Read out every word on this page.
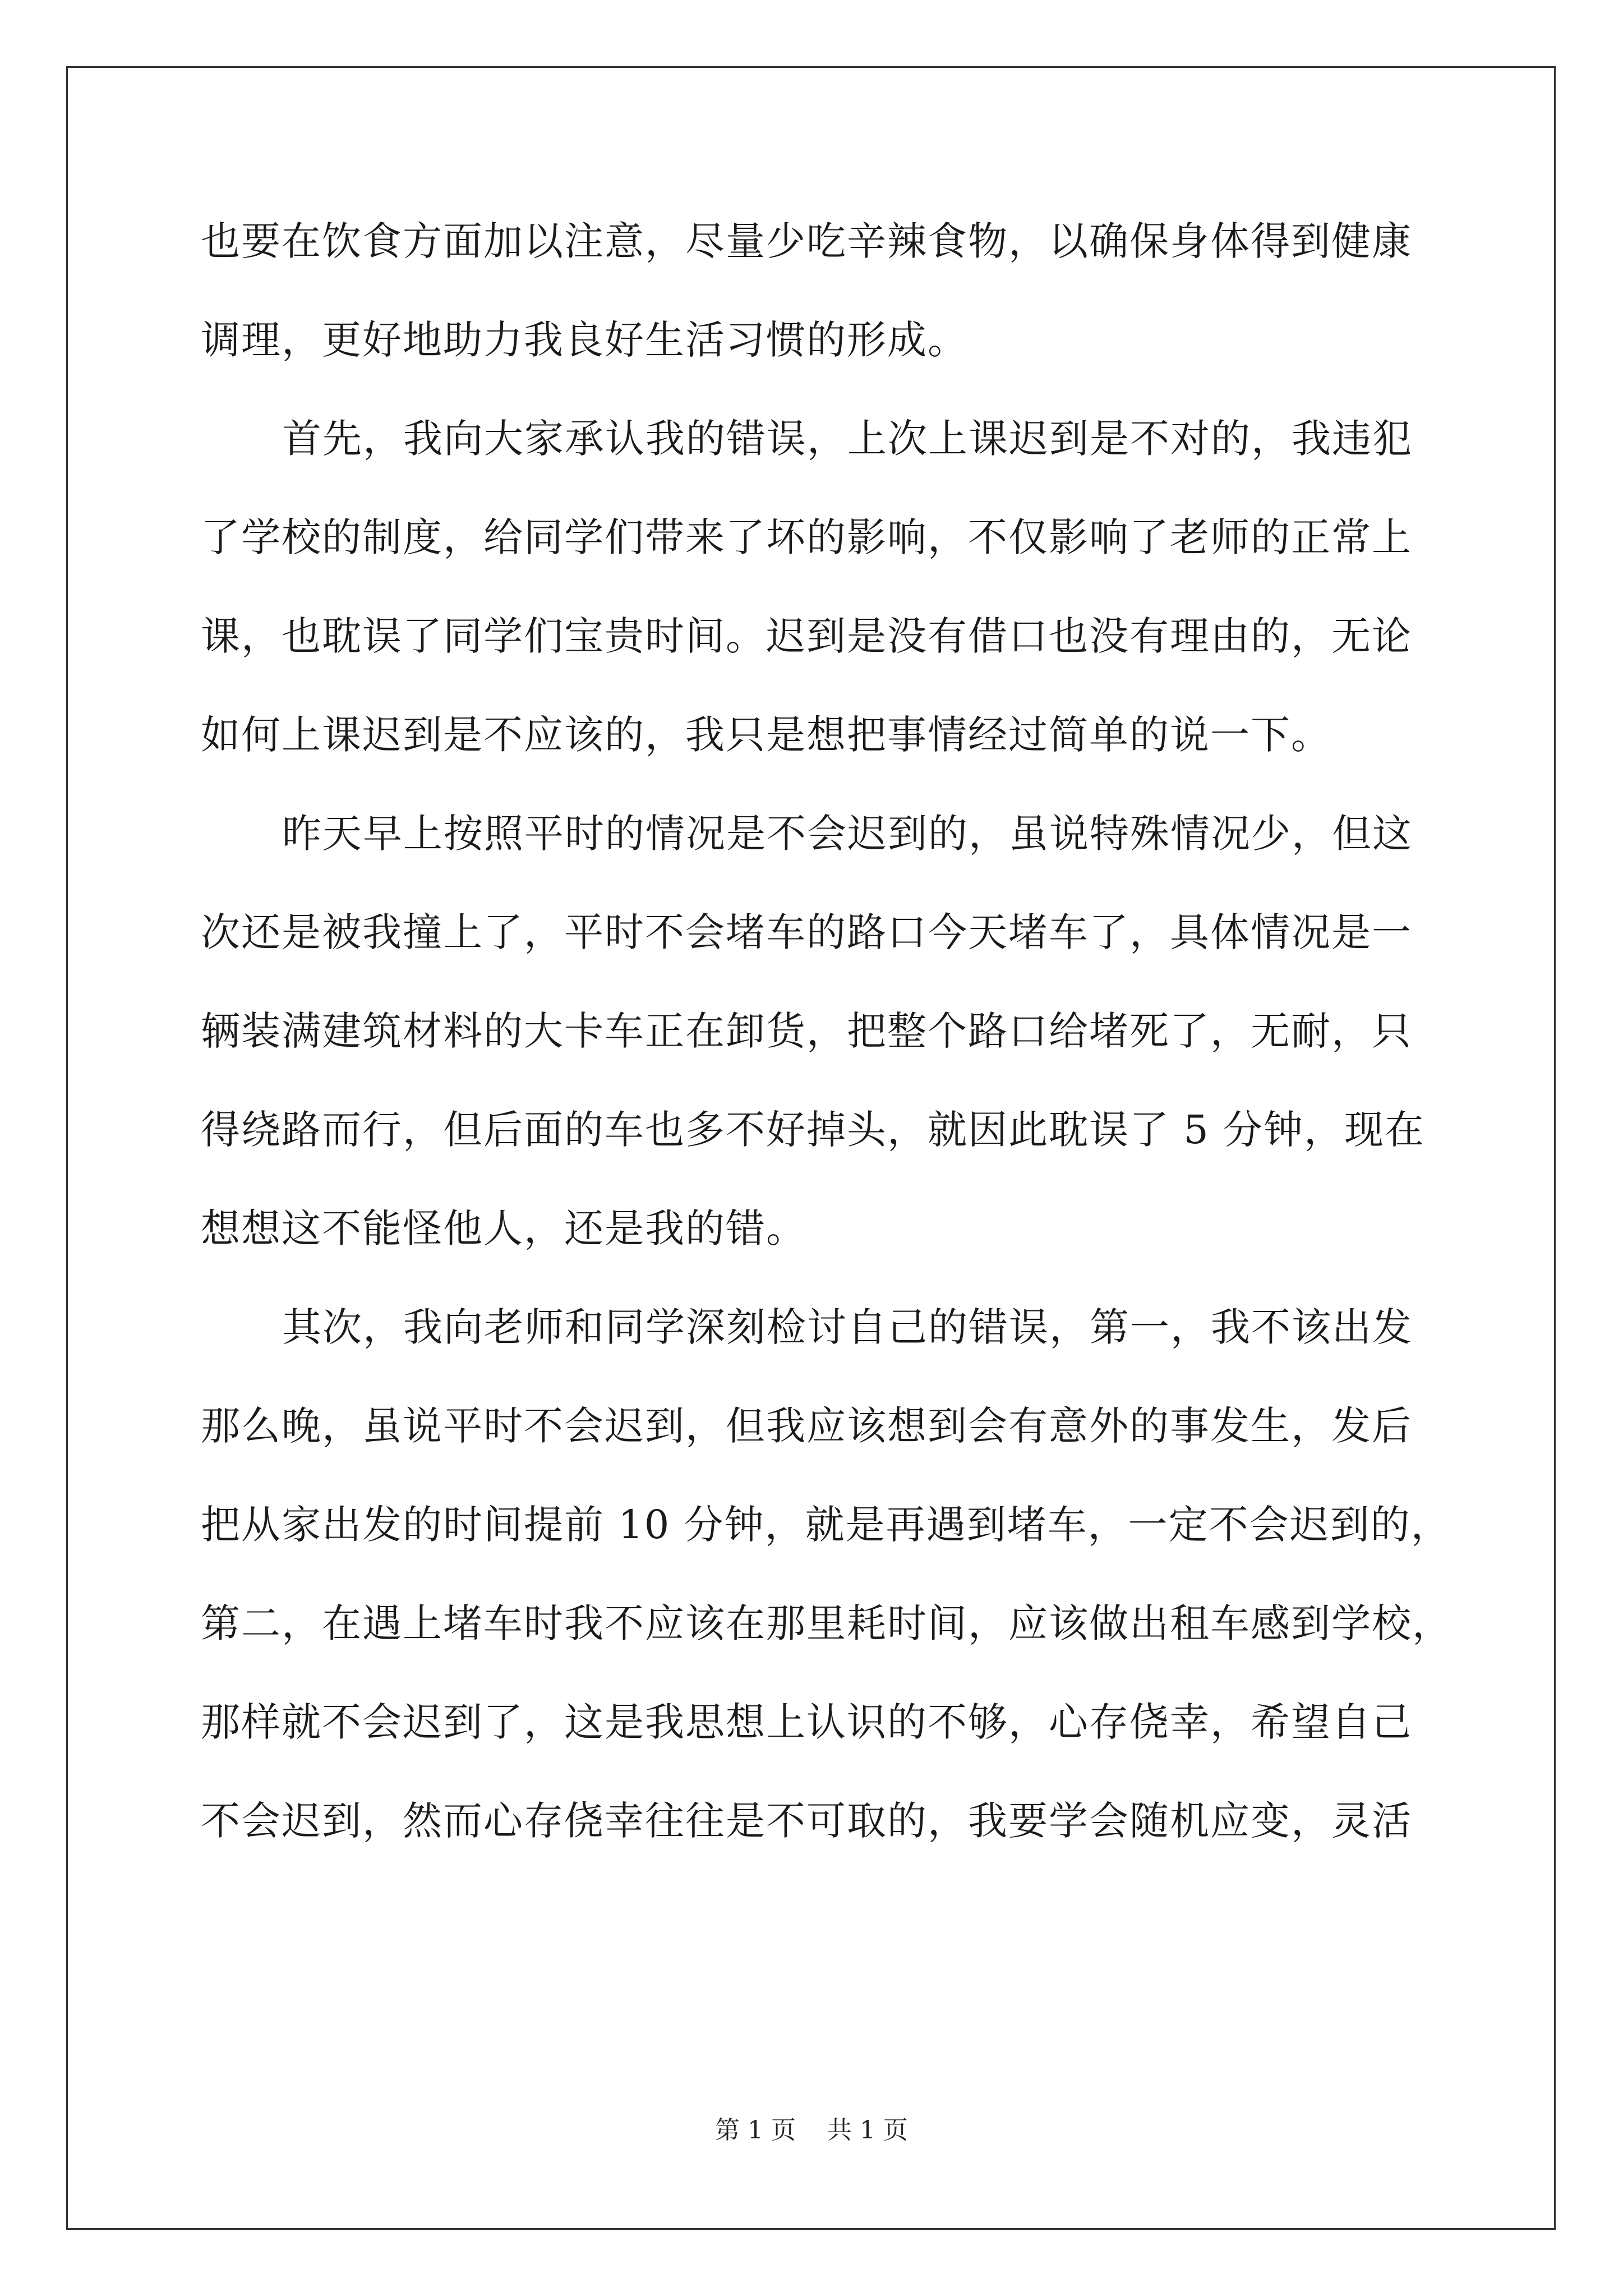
也要在饮食方面加以注意，尽量少吃辛辣食物，以确保身体得到健康

调理，更好地助力我良好生活习惯的形成。

首先，我向大家承认我的错误，上次上课迟到是不对的，我违犯

了学校的制度，给同学们带来了坏的影响，不仅影响了老师的正常上

课，也耽误了同学们宝贵时间。迟到是没有借口也没有理由的，无论

如何上课迟到是不应该的，我只是想把事情经过简单的说一下。

昨天早上按照平时的情况是不会迟到的，虽说特殊情况少，但这

次还是被我撞上了，平时不会堵车的路口今天堵车了，具体情况是一

辆装满建筑材料的大卡车正在卸货，把整个路口给堵死了，无耐，只

得绕路而行，但后面的车也多不好掉头，就因此耽误了 5 分钟，现在

想想这不能怪他人，还是我的错。

其次，我向老师和同学深刻检讨自己的错误，第一，我不该出发

那么晚，虽说平时不会迟到，但我应该想到会有意外的事发生，发后

把从家出发的时间提前 10 分钟，就是再遇到堵车，一定不会迟到的，

第二，在遇上堵车时我不应该在那里耗时间，应该做出租车感到学校，

那样就不会迟到了，这是我思想上认识的不够，心存侥幸，希望自己

不会迟到，然而心存侥幸往往是不可取的，我要学会随机应变，灵活

第 1 页    共 1 页
